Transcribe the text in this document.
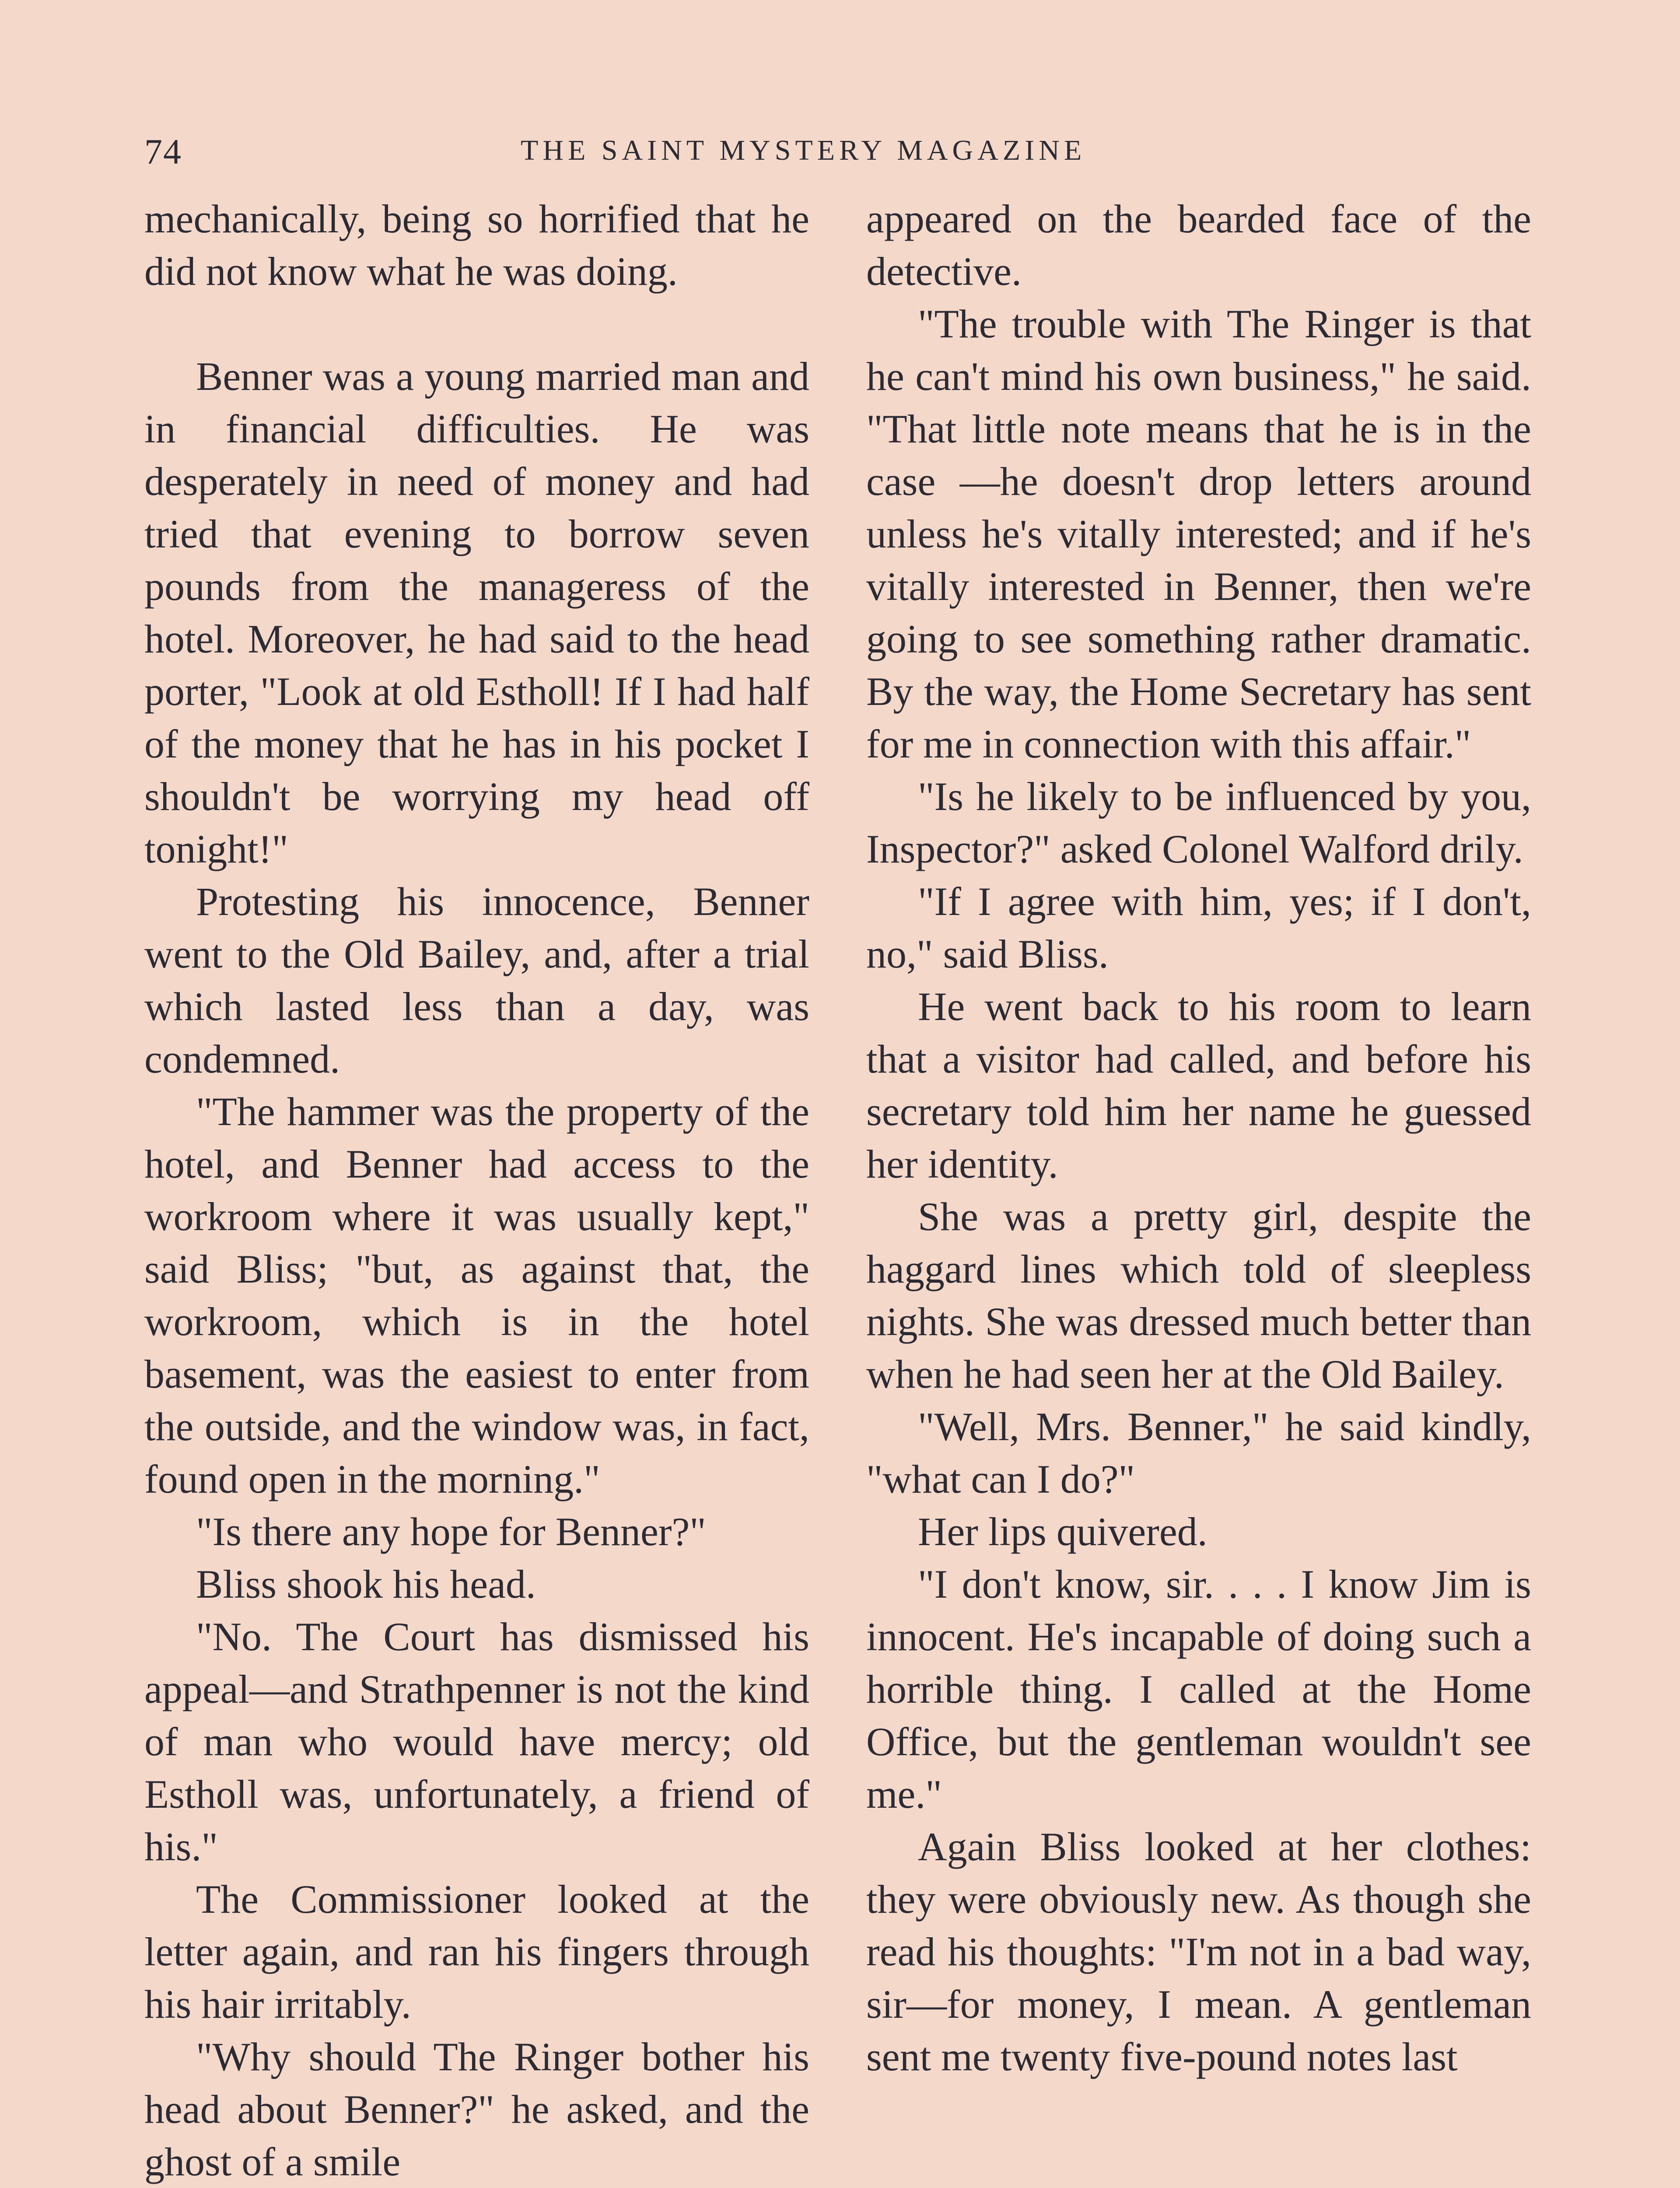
74	THE SAINT MYSTERY MAGAZINE

mechanically, being so horrified that he did not know what he was doing.

Benner was a young married man and in financial difficulties. He was desperately in need of money and had tried that evening to borrow seven pounds from the manageress of the hotel. Moreover, he had said to the head porter, "Look at old Estholl! If I had half of the money that he has in his pocket I shouldn't be worrying my head off tonight!"

Protesting his innocence, Benner went to the Old Bailey, and, after a trial which lasted less than a day, was condemned.

"The hammer was the property of the hotel, and Benner had access to the workroom where it was usually kept," said Bliss; "but, as against that, the workroom, which is in the hotel basement, was the easiest to enter from the outside, and the window was, in fact, found open in the morning."

"Is there any hope for Benner?"

Bliss shook his head.

"No. The Court has dismissed his appeal—and Strathpenner is not the kind of man who would have mercy; old Estholl was, unfortunately, a friend of his."

The Commissioner looked at the letter again, and ran his fingers through his hair irritably.

"Why should The Ringer bother his head about Benner?" he asked, and the ghost of a smile

appeared on the bearded face of the detective.

"The trouble with The Ringer is that he can't mind his own business," he said. "That little note means that he is in the case —he doesn't drop letters around unless he's vitally interested; and if he's vitally interested in Benner, then we're going to see something rather dramatic. By the way, the Home Secretary has sent for me in connection with this affair."

"Is he likely to be influenced by you, Inspector?" asked Colonel Walford drily.

"If I agree with him, yes; if I don't, no," said Bliss.

He went back to his room to learn that a visitor had called, and before his secretary told him her name he guessed her identity.

She was a pretty girl, despite the haggard lines which told of sleepless nights. She was dressed much better than when he had seen her at the Old Bailey.

"Well, Mrs. Benner," he said kindly, "what can I do?"

Her lips quivered.

"I don't know, sir. . . . I know Jim is innocent. He's incapable of doing such a horrible thing. I called at the Home Office, but the gentleman wouldn't see me."

Again Bliss looked at her clothes: they were obviously new. As though she read his thoughts: "I'm not in a bad way, sir—for money, I mean. A gentleman sent me twenty five-pound notes last
